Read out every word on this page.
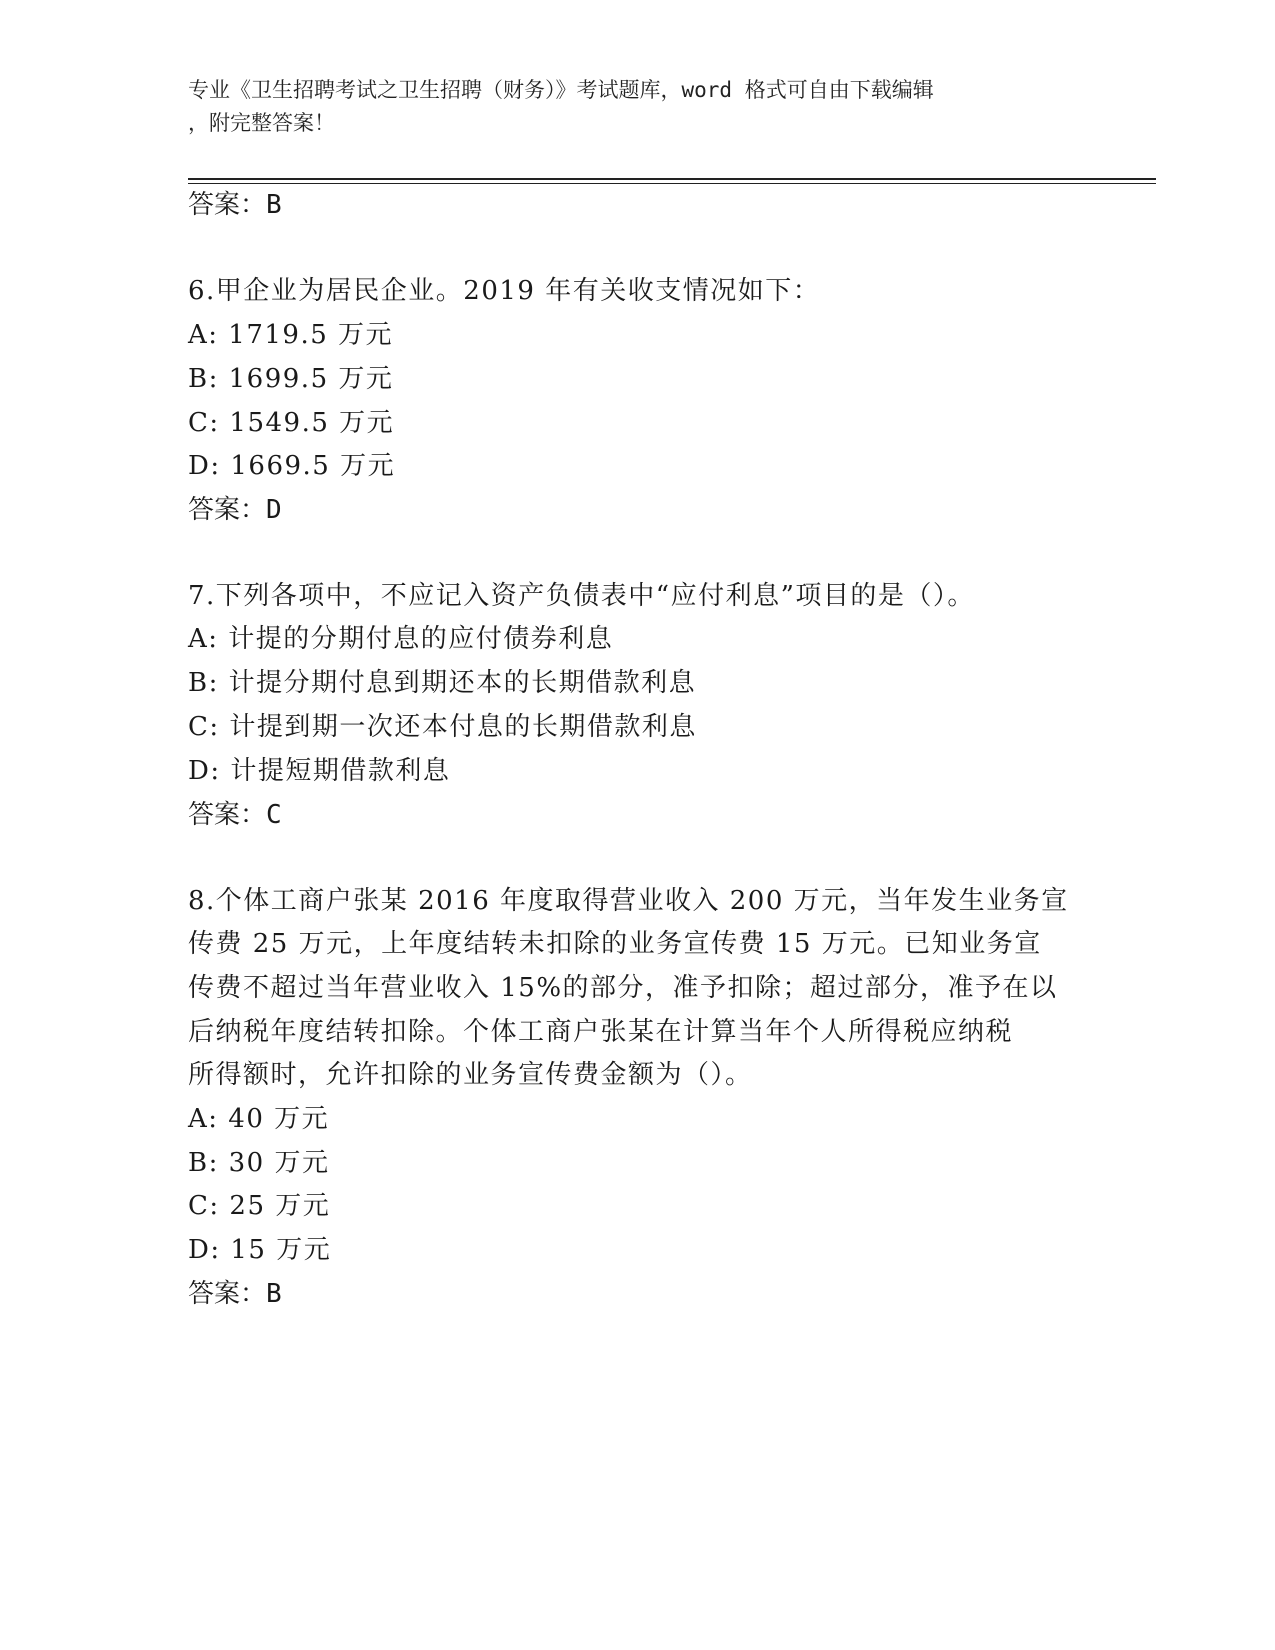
专业《卫生招聘考试之卫生招聘（财务）》考试题库，word 格式可自由下载编辑
，附完整答案！
答案：B
6.甲企业为居民企业。2019 年有关收支情况如下：
A: 1719.5 万元
B: 1699.5 万元
C: 1549.5 万元
D: 1669.5 万元
答案：D
7.下列各项中，不应记入资产负债表中“应付利息”项目的是（）。
A: 计提的分期付息的应付债券利息
B: 计提分期付息到期还本的长期借款利息
C: 计提到期一次还本付息的长期借款利息
D: 计提短期借款利息
答案：C
8.个体工商户张某 2016 年度取得营业收入 200 万元，当年发生业务宣
传费 25 万元，上年度结转未扣除的业务宣传费 15 万元。已知业务宣
传费不超过当年营业收入 15%的部分，准予扣除；超过部分，准予在以
后纳税年度结转扣除。个体工商户张某在计算当年个人所得税应纳税
所得额时，允许扣除的业务宣传费金额为（）。
A: 40 万元
B: 30 万元
C: 25 万元
D: 15 万元
答案：B
